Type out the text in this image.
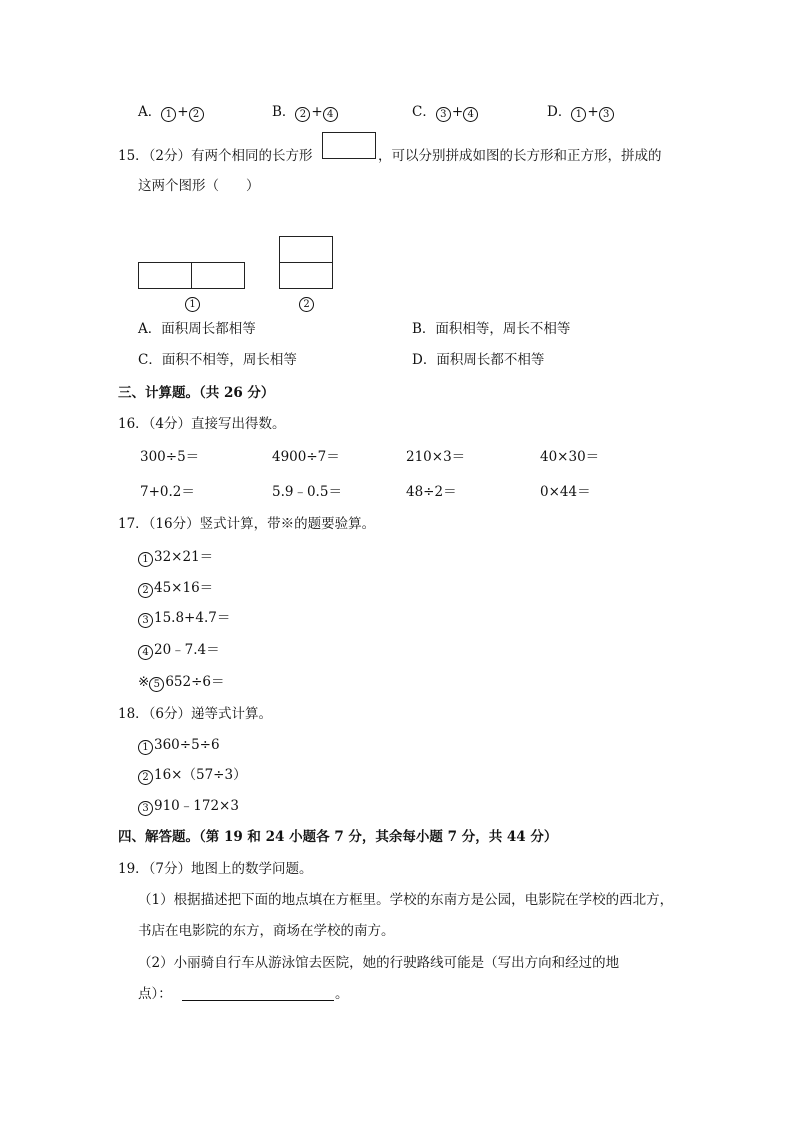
A． 1 + 2	B． 2 + 4	C． 3 + 4	D． 1 + 3
15．（2分）有两个相同的长方形	，可以分别拼成如图的长方形和正方形，拼成的
这两个图形（　　）
1	2
A．面积周长都相等	B．面积相等，周长不相等
C．面积不相等，周长相等	D．面积周长都不相等
三、计算题。（共 26 分）
16．（4分）直接写出得数。
300÷5＝	4900÷7＝	210×3＝	40×30＝
7+0.2＝	5.9﹣0.5＝	48÷2＝	0×44＝
17．（16分）竖式计算，带※的题要验算。
1 32×21＝
2 45×16＝
3 15.8+4.7＝
4 20﹣7.4＝
※ 5 652÷6＝
18．（6分）递等式计算。
1 360÷5÷6
2 16×（57÷3）
3 910﹣172×3
四、解答题。（第 19 和 24 小题各 7 分，其余每小题 7 分，共 44 分）
19．（7分）地图上的数学问题。
（1）根据描述把下面的地点填在方框里。学校的东南方是公园，电影院在学校的西北方，
书店在电影院的东方，商场在学校的南方。
（2）小丽骑自行车从游泳馆去医院，她的行驶路线可能是（写出方向和经过的地
点）：	。
